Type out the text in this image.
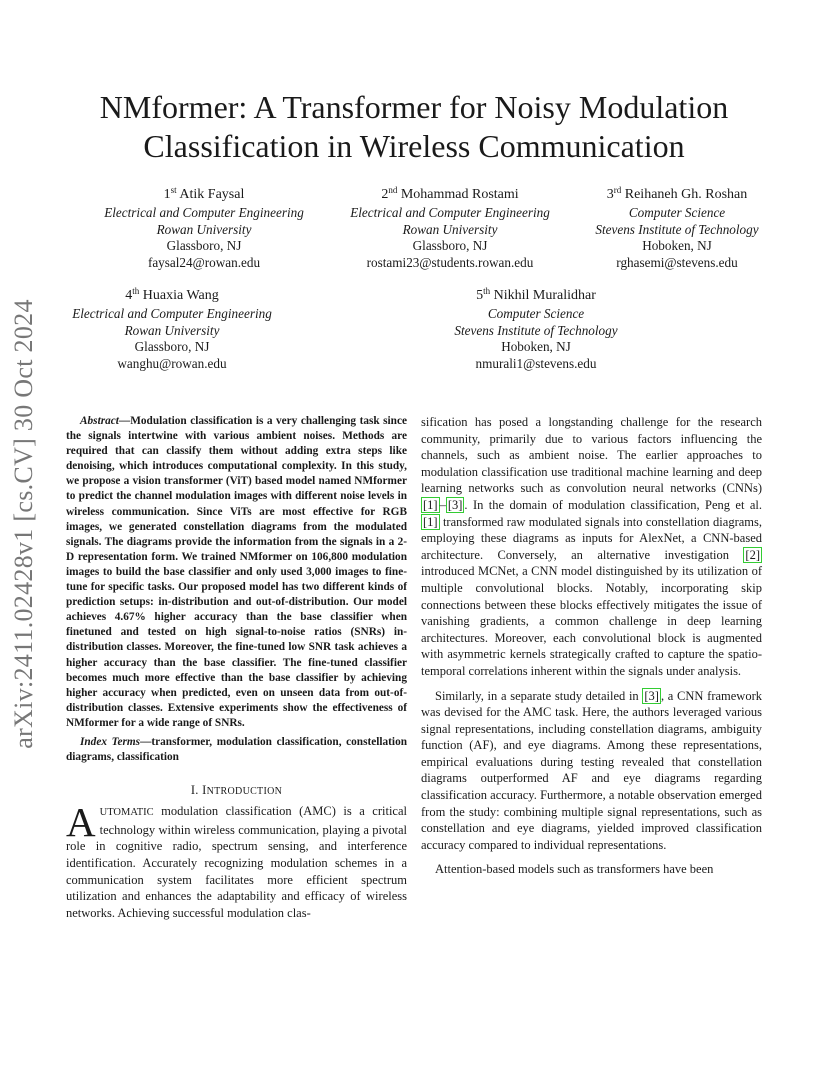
arXiv:2411.02428v1 [cs.CV] 30 Oct 2024
NMformer: A Transformer for Noisy Modulation
Classification in Wireless Communication
1st Atik Faysal
Electrical and Computer Engineering
Rowan University
Glassboro, NJ
faysal24@rowan.edu
2nd Mohammad Rostami
Electrical and Computer Engineering
Rowan University
Glassboro, NJ
rostami23@students.rowan.edu
3rd Reihaneh Gh. Roshan
Computer Science
Stevens Institute of Technology
Hoboken, NJ
rghasemi@stevens.edu
4th Huaxia Wang
Electrical and Computer Engineering
Rowan University
Glassboro, NJ
wanghu@rowan.edu
5th Nikhil Muralidhar
Computer Science
Stevens Institute of Technology
Hoboken, NJ
nmurali1@stevens.edu

Abstract—Modulation classification is a very challenging task since the signals intertwine with various ambient noises. Methods are required that can classify them without adding extra steps like denoising, which introduces computational complexity. In this study, we propose a vision transformer (ViT) based model named NMformer to predict the channel modulation images with different noise levels in wireless communication. Since ViTs are most effective for RGB images, we generated constellation diagrams from the modulated signals. The diagrams provide the information from the signals in a 2-D representation form. We trained NMformer on 106,800 modulation images to build the base classifier and only used 3,000 images to fine-tune for specific tasks. Our proposed model has two different kinds of prediction setups: in-distribution and out-of-distribution. Our model achieves 4.67% higher accuracy than the base classifier when finetuned and tested on high signal-to-noise ratios (SNRs) in-distribution classes. Moreover, the fine-tuned low SNR task achieves a higher accuracy than the base classifier. The fine-tuned classifier becomes much more effective than the base classifier by achieving higher accuracy when predicted, even on unseen data from out-of-distribution classes. Extensive experiments show the effectiveness of NMformer for a wide range of SNRs.

Index Terms—transformer, modulation classification, constellation diagrams, classification

I. INTRODUCTION

AUTOMATIC modulation classification (AMC) is a critical technology within wireless communication, playing a pivotal role in cognitive radio, spectrum sensing, and interference identification. Accurately recognizing modulation schemes in a communication system facilitates more efficient spectrum utilization and enhances the adaptability and efficacy of wireless networks. Achieving successful modulation clas-

sification has posed a longstanding challenge for the research community, primarily due to various factors influencing the channels, such as ambient noise. The earlier approaches to modulation classification use traditional machine learning and deep learning networks such as convolution neural networks (CNNs) [1] – [3] . In the domain of modulation classification, Peng et al. [1] transformed raw modulated signals into constellation diagrams, employing these diagrams as inputs for AlexNet, a CNN-based architecture. Conversely, an alternative investigation [2] introduced MCNet, a CNN model distinguished by its utilization of multiple convolutional blocks. Notably, incorporating skip connections between these blocks effectively mitigates the issue of vanishing gradients, a common challenge in deep learning architectures. Moreover, each convolutional block is augmented with asymmetric kernels strategically crafted to capture the spatio-temporal correlations inherent within the signals under analysis.

Similarly, in a separate study detailed in [3] , a CNN framework was devised for the AMC task. Here, the authors leveraged various signal representations, including constellation diagrams, ambiguity function (AF), and eye diagrams. Among these representations, empirical evaluations during testing revealed that constellation diagrams outperformed AF and eye diagrams regarding classification accuracy. Furthermore, a notable observation emerged from the study: combining multiple signal representations, such as constellation and eye diagrams, yielded improved classification accuracy compared to individual representations.

Attention-based models such as transformers have been
